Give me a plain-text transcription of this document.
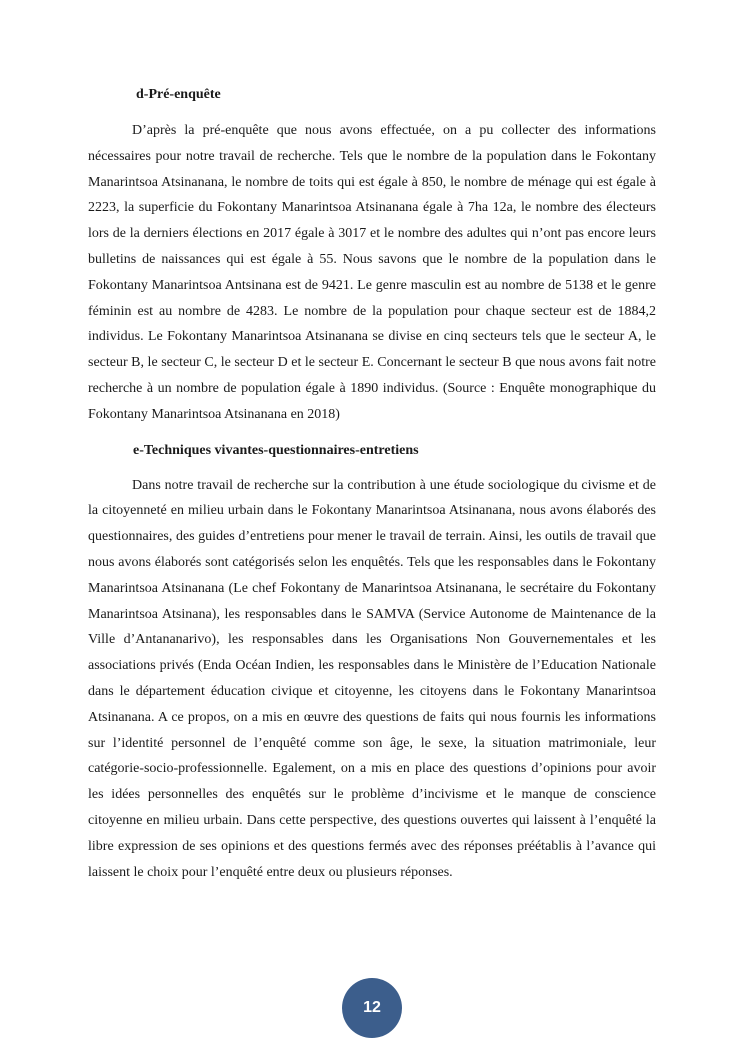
d-Pré-enquête

D’après la pré-enquête que nous avons effectuée, on a pu collecter des informations nécessaires pour notre travail de recherche. Tels que le nombre de la population dans le Fokontany Manarintsoa Atsinanana, le nombre de toits qui est égale à 850, le nombre de ménage qui est égale à 2223, la superficie du Fokontany Manarintsoa Atsinanana égale à 7ha 12a, le nombre des électeurs lors de la derniers élections en 2017 égale à 3017 et le nombre des adultes qui n’ont pas encore leurs bulletins de naissances qui est égale à 55. Nous savons que le nombre de la population dans le Fokontany Manarintsoa Antsinana est de 9421. Le genre masculin est au nombre de 5138 et le genre féminin est au nombre de 4283. Le nombre de la population pour chaque secteur est de 1884,2 individus. Le Fokontany Manarintsoa Atsinanana se divise en cinq secteurs tels que le secteur A, le secteur B, le secteur C, le secteur D et le secteur E. Concernant le secteur B que nous avons fait notre recherche à un nombre de population égale à 1890 individus. (Source : Enquête monographique du Fokontany Manarintsoa Atsinanana en 2018)

e-Techniques vivantes-questionnaires-entretiens

Dans notre travail de recherche sur la contribution à une étude sociologique du civisme et de la citoyenneté en milieu urbain dans le Fokontany Manarintsoa Atsinanana, nous avons élaborés des questionnaires, des guides d’entretiens pour mener le travail de terrain. Ainsi, les outils de travail que nous avons élaborés sont catégorisés selon les enquêtés. Tels que les responsables dans le Fokontany Manarintsoa Atsinanana (Le chef Fokontany de Manarintsoa Atsinanana, le secrétaire du Fokontany Manarintsoa Atsinana), les responsables dans le SAMVA (Service Autonome de Maintenance de la Ville d’Antananarivo), les responsables dans les Organisations Non Gouvernementales et les associations privés (Enda Océan Indien, les responsables dans le Ministère de l’Education Nationale dans le département éducation civique et citoyenne, les citoyens dans le Fokontany Manarintsoa Atsinanana. A ce propos, on a mis en œuvre des questions de faits qui nous fournis les informations sur l’identité personnel de l’enquêté comme son âge, le sexe, la situation matrimoniale, leur catégorie-socio-professionnelle. Egalement, on a mis en place des questions d’opinions pour avoir les idées personnelles des enquêtés sur le problème d’incivisme et le manque de conscience citoyenne en milieu urbain. Dans cette perspective, des questions ouvertes qui laissent à l’enquêté la libre expression de ses opinions et des questions fermés avec des réponses préétablis à l’avance qui laissent le choix pour l’enquêté entre deux ou plusieurs réponses.

12
